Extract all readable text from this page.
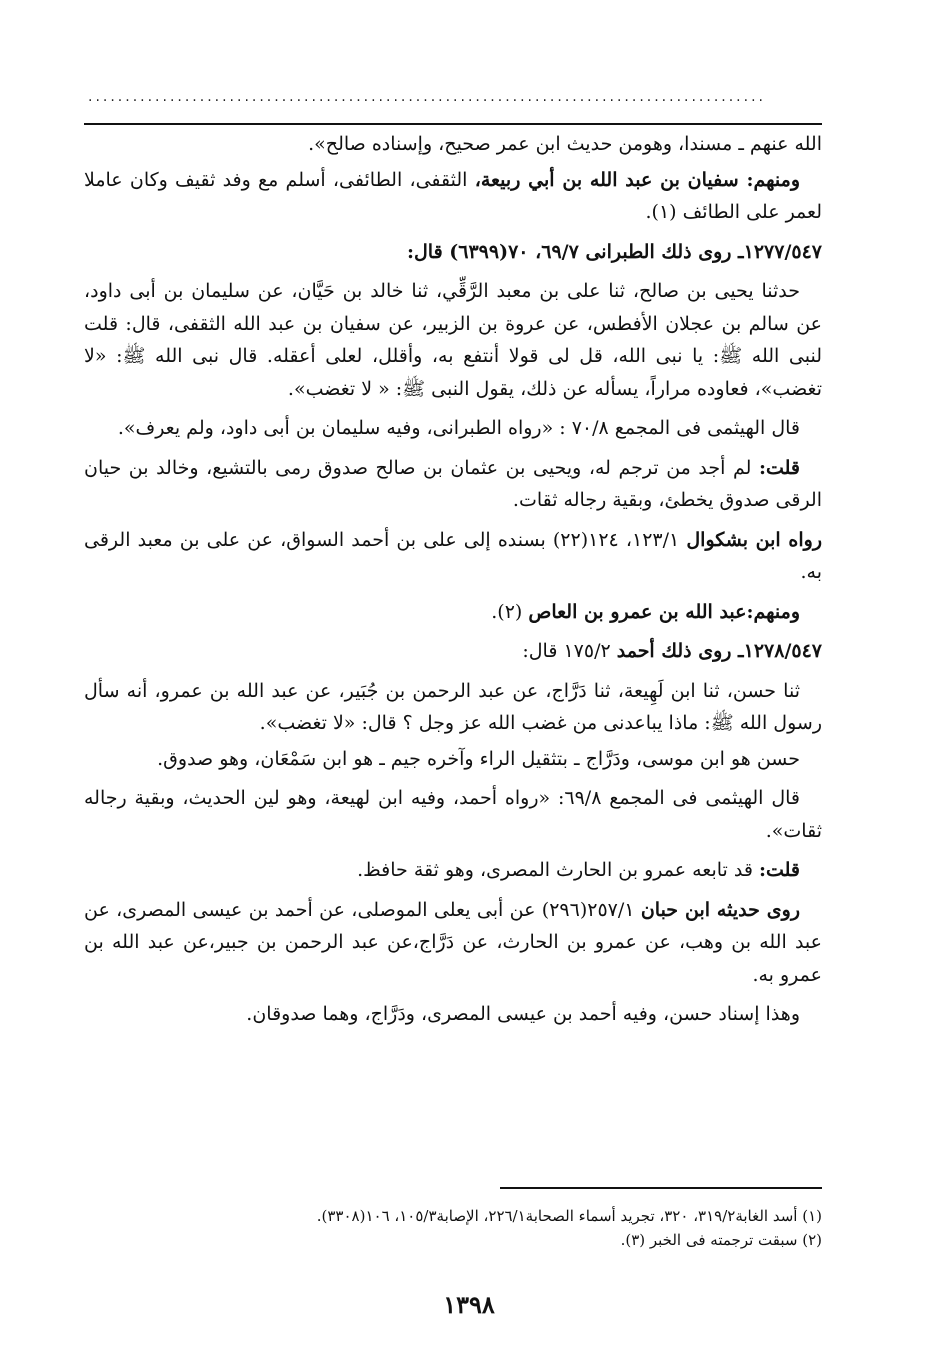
...........................................................................................

الله عنهم ـ مسندا، وهومن حديث ابن عمر صحيح، وإسناده صالح».

ومنهم: سفيان بن عبد الله بن أبي ربيعة، الثقفى، الطائفى، أسلم مع وفد ثقيف وكان عاملا لعمر على الطائف (١).

١٢٧٧/٥٤٧ـ روى ذلك الطبرانى ٦٩/٧، ٧٠(٦٣٩٩) قال:

حدثنا يحيى بن صالح، ثنا على بن معبد الرَّقِّي، ثنا خالد بن حَيَّان، عن سليمان بن أبى داود، عن سالم بن عجلان الأفطس، عن عروة بن الزبير، عن سفيان بن عبد الله الثقفى، قال: قلت لنبى الله ﷺ: يا نبى الله، قل لى قولا أنتفع به، وأقلل، لعلى أعقله. قال نبى الله ﷺ: «لا تغضب»، فعاوده مراراً، يسأله عن ذلك، يقول النبى ﷺ: « لا تغضب».

قال الهيثمى فى المجمع ٧٠/٨ : «رواه الطبرانى، وفيه سليمان بن أبى داود، ولم يعرف».

قلت: لم أجد من ترجم له، ويحيى بن عثمان بن صالح صدوق رمى بالتشيع، وخالد بن حيان الرقى صدوق يخطئ، وبقية رجاله ثقات.

رواه ابن بشكوال ١٢٣/١، ١٢٤(٢٢) بسنده إلى على بن أحمد السواق، عن على بن معبد الرقى به.

ومنهم:عبد الله بن عمرو بن العاص (٢).

١٢٧٨/٥٤٧ـ روى ذلك أحمد ١٧٥/٢ قال:

ثنا حسن، ثنا ابن لَهِيعة، ثنا دَرَّاج، عن عبد الرحمن بن جُبَير، عن عبد الله بن عمرو، أنه سأل رسول الله ﷺ: ماذا يباعدنى من غضب الله عز وجل ؟ قال: «لا تغضب».

حسن هو ابن موسى، ودَرَّاج ـ بتثقيل الراء وآخره جيم ـ هو ابن سَمْعَان، وهو صدوق.

قال الهيثمى فى المجمع ٦٩/٨: «رواه أحمد، وفيه ابن لهيعة، وهو لين الحديث، وبقية رجاله ثقات».

قلت: قد تابعه عمرو بن الحارث المصرى، وهو ثقة حافظ.

روى حديثه ابن حبان ٢٥٧/١(٢٩٦) عن أبى يعلى الموصلى، عن أحمد بن عيسى المصرى، عن عبد الله بن وهب، عن عمرو بن الحارث، عن دَرَّاج،عن عبد الرحمن بن جبير،عن عبد الله بن عمرو به.

وهذا إسناد حسن، وفيه أحمد بن عيسى المصرى، ودَرَّاج، وهما صدوقان.

(١) أسد الغابة٣١٩/٢، ٣٢٠، تجريد أسماء الصحابة٢٢٦/١، الإصابة١٠٥/٣، ١٠٦(٣٣٠٨).

(٢) سبقت ترجمته فى الخبر (٣).

١٣٩٨
